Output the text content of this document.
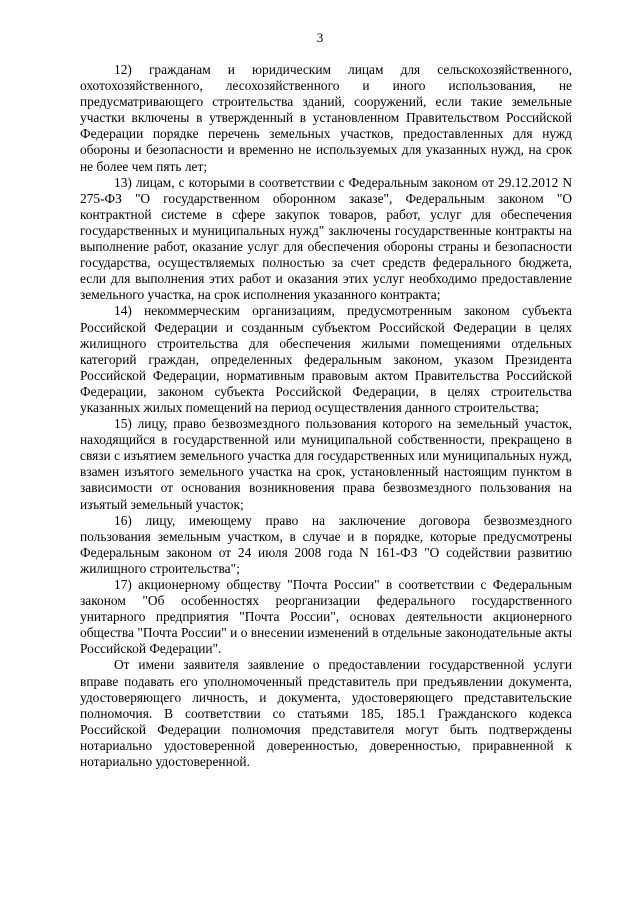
3

12) гражданам и юридическим лицам для сельскохозяйственного, охотохозяйственного, лесохозяйственного и иного использования, не предусматривающего строительства зданий, сооружений, если такие земельные участки включены в утвержденный в установленном Правительством Российской Федерации порядке перечень земельных участков, предоставленных для нужд обороны и безопасности и временно не используемых для указанных нужд, на срок не более чем пять лет;

13) лицам, с которыми в соответствии с Федеральным законом от 29.12.2012 N 275-ФЗ "О государственном оборонном заказе", Федеральным законом "О контрактной системе в сфере закупок товаров, работ, услуг для обеспечения государственных и муниципальных нужд" заключены государственные контракты на выполнение работ, оказание услуг для обеспечения обороны страны и безопасности государства, осуществляемых полностью за счет средств федерального бюджета, если для выполнения этих работ и оказания этих услуг необходимо предоставление земельного участка, на срок исполнения указанного контракта;

14) некоммерческим организациям, предусмотренным законом субъекта Российской Федерации и созданным субъектом Российской Федерации в целях жилищного строительства для обеспечения жилыми помещениями отдельных категорий граждан, определенных федеральным законом, указом Президента Российской Федерации, нормативным правовым актом Правительства Российской Федерации, законом субъекта Российской Федерации, в целях строительства указанных жилых помещений на период осуществления данного строительства;

15) лицу, право безвозмездного пользования которого на земельный участок, находящийся в государственной или муниципальной собственности, прекращено в связи с изъятием земельного участка для государственных или муниципальных нужд, взамен изъятого земельного участка на срок, установленный настоящим пунктом в зависимости от основания возникновения права безвозмездного пользования на изъятый земельный участок;

16) лицу, имеющему право на заключение договора безвозмездного пользования земельным участком, в случае и в порядке, которые предусмотрены Федеральным законом от 24 июля 2008 года N 161-ФЗ "О содействии развитию жилищного строительства";

17) акционерному обществу "Почта России" в соответствии с Федеральным законом "Об особенностях реорганизации федерального государственного унитарного предприятия "Почта России", основах деятельности акционерного общества "Почта России" и о внесении изменений в отдельные законодательные акты Российской Федерации".

От имени заявителя заявление о предоставлении государственной услуги вправе подавать его уполномоченный представитель при предъявлении документа, удостоверяющего личность, и документа, удостоверяющего представительские полномочия. В соответствии со статьями 185, 185.1 Гражданского кодекса Российской Федерации полномочия представителя могут быть подтверждены нотариально удостоверенной доверенностью, доверенностью, приравненной к нотариально удостоверенной.
